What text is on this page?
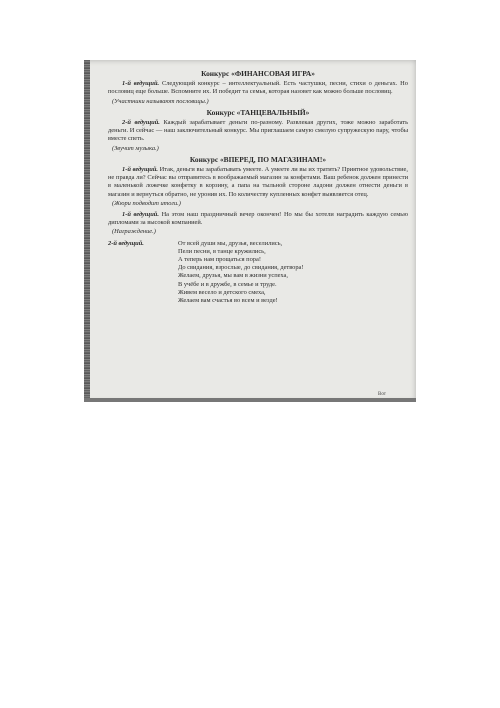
Конкурс «ФИНАНСОВАЯ ИГРА»

1-й ведущий. Следующий конкурс – интеллектуальный. Есть частушки, песни, стихи о деньгах. Но пословиц еще больше. Вспомните их. И победит та семья, которая назовет как можно больше пословиц.

(Участники называют пословицы.)
Конкурс «ТАНЦЕВАЛЬНЫЙ»

2-й ведущий. Каждый зарабатывает деньги по-разному. Развлекая других, тоже можно заработать деньги. И сейчас — наш заключительный конкурс. Мы приглашаем самую смелую супружескую пару, чтобы вместе спеть.

(Звучит музыка.)
Конкурс «ВПЕРЕД, ПО МАГАЗИНАМ!»

1-й ведущий. Итак, деньги вы зарабатывать умеете. А умеете ли вы их тратить? Приятное удовольствие, не правда ли? Сейчас вы отправитесь в воображаемый магазин за конфетами. Ваш ребенок должен принести в маленькой ложечке конфетку в корзину, а папа на тыльной стороне ладони должен отнести деньги в магазин и вернуться обратно, не уронив их. По количеству купленных конфет выявляется отец.

(Жюри подводит итоги.)

1-й ведущий. На этом наш праздничный вечер окончен! Но мы бы хотели наградить каждую семью дипломами за высокой компанией.

(Награждение.)
2-й ведущий.	От всей души мы, друзья, веселились,
Пели песни, в танце кружились,
А теперь нам прощаться пора!
До свидания, взрослые, до свидания, детвора!
Желаем, друзья, мы вам в жизни успеха,
В учёбе и в дружбе, в семье и труде.
Живем весело и детского смеха,
Желаем вам счастья во всем и везде!
Вот
